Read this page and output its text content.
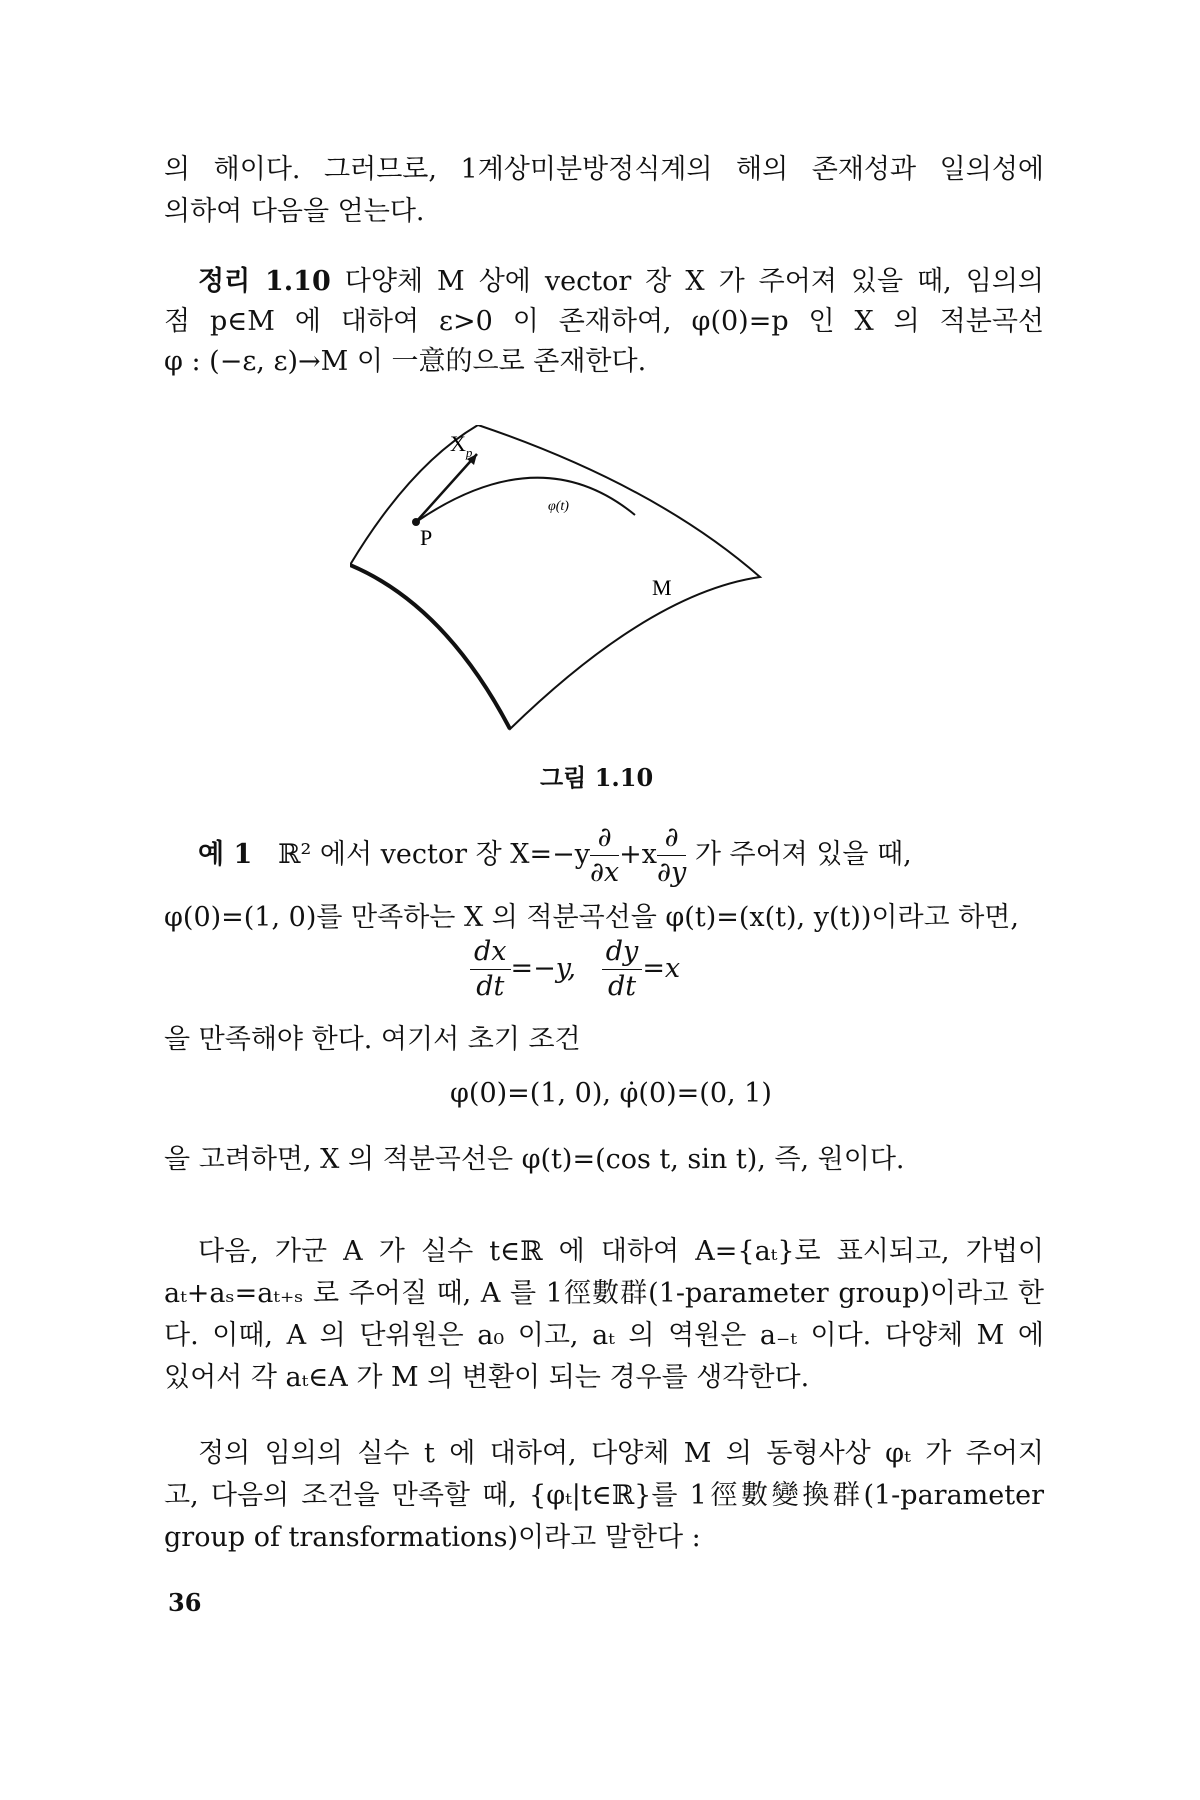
의 해이다. 그러므로, 1계상미분방정식계의 해의 존재성과 일의성에
의하여 다음을 얻는다.
정리 1.10 다양체 M 상에 vector 장 X 가 주어져 있을 때, 임의의
점 p∈M 에 대하여 ε>0 이 존재하여, φ(0)=p 인 X 의 적분곡선
φ : (−ε, ε)→M 이 一意的으로 존재한다.
$X_p$
φ(t)
P
M
그림 1.10
예 1 ℝ² 에서 vector 장 $X=-y \frac{\partial}{\partial x} +x \frac{\partial}{\partial y}$ 가 주어져 있을 때,
φ(0)=(1, 0)를 만족하는 X 의 적분곡선을 φ(t)=(x(t), y(t))이라고 하면,
$\frac{dx}{dt} =-y$, $\frac{dy}{dt} =x$
을 만족해야 한다. 여기서 초기 조건
φ(0)=(1, 0), φ̇(0)=(0, 1)
을 고려하면, X 의 적분곡선은 φ(t)=(cos t, sin t), 즉, 원이다.
다음, 가군 A 가 실수 t∈ℝ 에 대하여 A={aₜ}로 표시되고, 가법이
aₜ+aₛ=aₜ₊ₛ 로 주어질 때, A 를 1徑數群(1-parameter group)이라고 한
다. 이때, A 의 단위원은 a₀ 이고, aₜ 의 역원은 a₋ₜ 이다. 다양체 M 에
있어서 각 aₜ∈A 가 M 의 변환이 되는 경우를 생각한다.
정의 임의의 실수 t 에 대하여, 다양체 M 의 동형사상 φₜ 가 주어지
고, 다음의 조건을 만족할 때, {φₜ|t∈ℝ}를 1徑數變換群(1-parameter
group of transformations)이라고 말한다 :
36
